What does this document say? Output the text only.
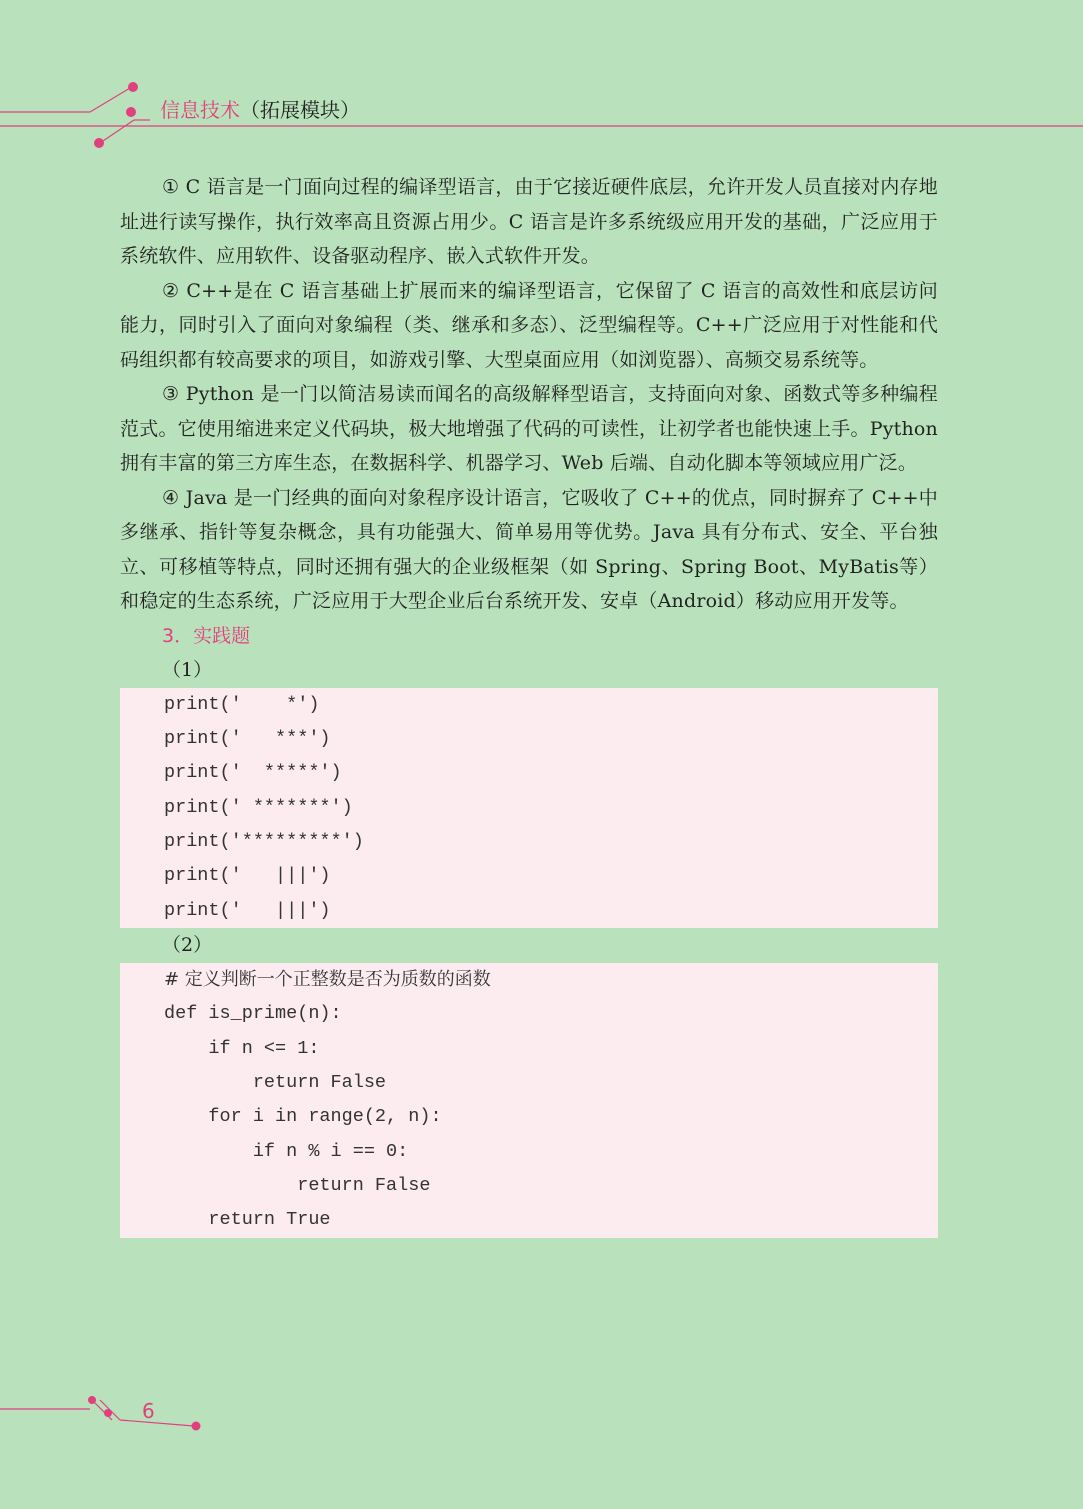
信息技术（拓展模块）

① C 语言是一门面向过程的编译型语言，由于它接近硬件底层，允许开发人员直接对内存地址进行读写操作，执行效率高且资源占用少。C 语言是许多系统级应用开发的基础，广泛应用于系统软件、应用软件、设备驱动程序、嵌入式软件开发。

② C++是在 C 语言基础上扩展而来的编译型语言，它保留了 C 语言的高效性和底层访问能力，同时引入了面向对象编程（类、继承和多态）、泛型编程等。C++广泛应用于对性能和代码组织都有较高要求的项目，如游戏引擎、大型桌面应用（如浏览器）、高频交易系统等。

③ Python 是一门以简洁易读而闻名的高级解释型语言，支持面向对象、函数式等多种编程范式。它使用缩进来定义代码块，极大地增强了代码的可读性，让初学者也能快速上手。Python 拥有丰富的第三方库生态，在数据科学、机器学习、Web 后端、自动化脚本等领域应用广泛。

④ Java 是一门经典的面向对象程序设计语言，它吸收了 C++的优点，同时摒弃了 C++中多继承、指针等复杂概念，具有功能强大、简单易用等优势。Java 具有分布式、安全、平台独立、可移植等特点，同时还拥有强大的企业级框架（如 Spring、Spring Boot、MyBatis等）和稳定的生态系统，广泛应用于大型企业后台系统开发、安卓（Android）移动应用开发等。

3．实践题

（1）

print('    *')
print('   ***')
print('  *****')
print(' *******')
print('*********')
print('   |||')
print('   |||')

（2）

# 定义判断一个正整数是否为质数的函数
def is_prime(n):
if n <= 1:
return False
for i in range(2, n):
if n % i == 0:
return False
return True
6
